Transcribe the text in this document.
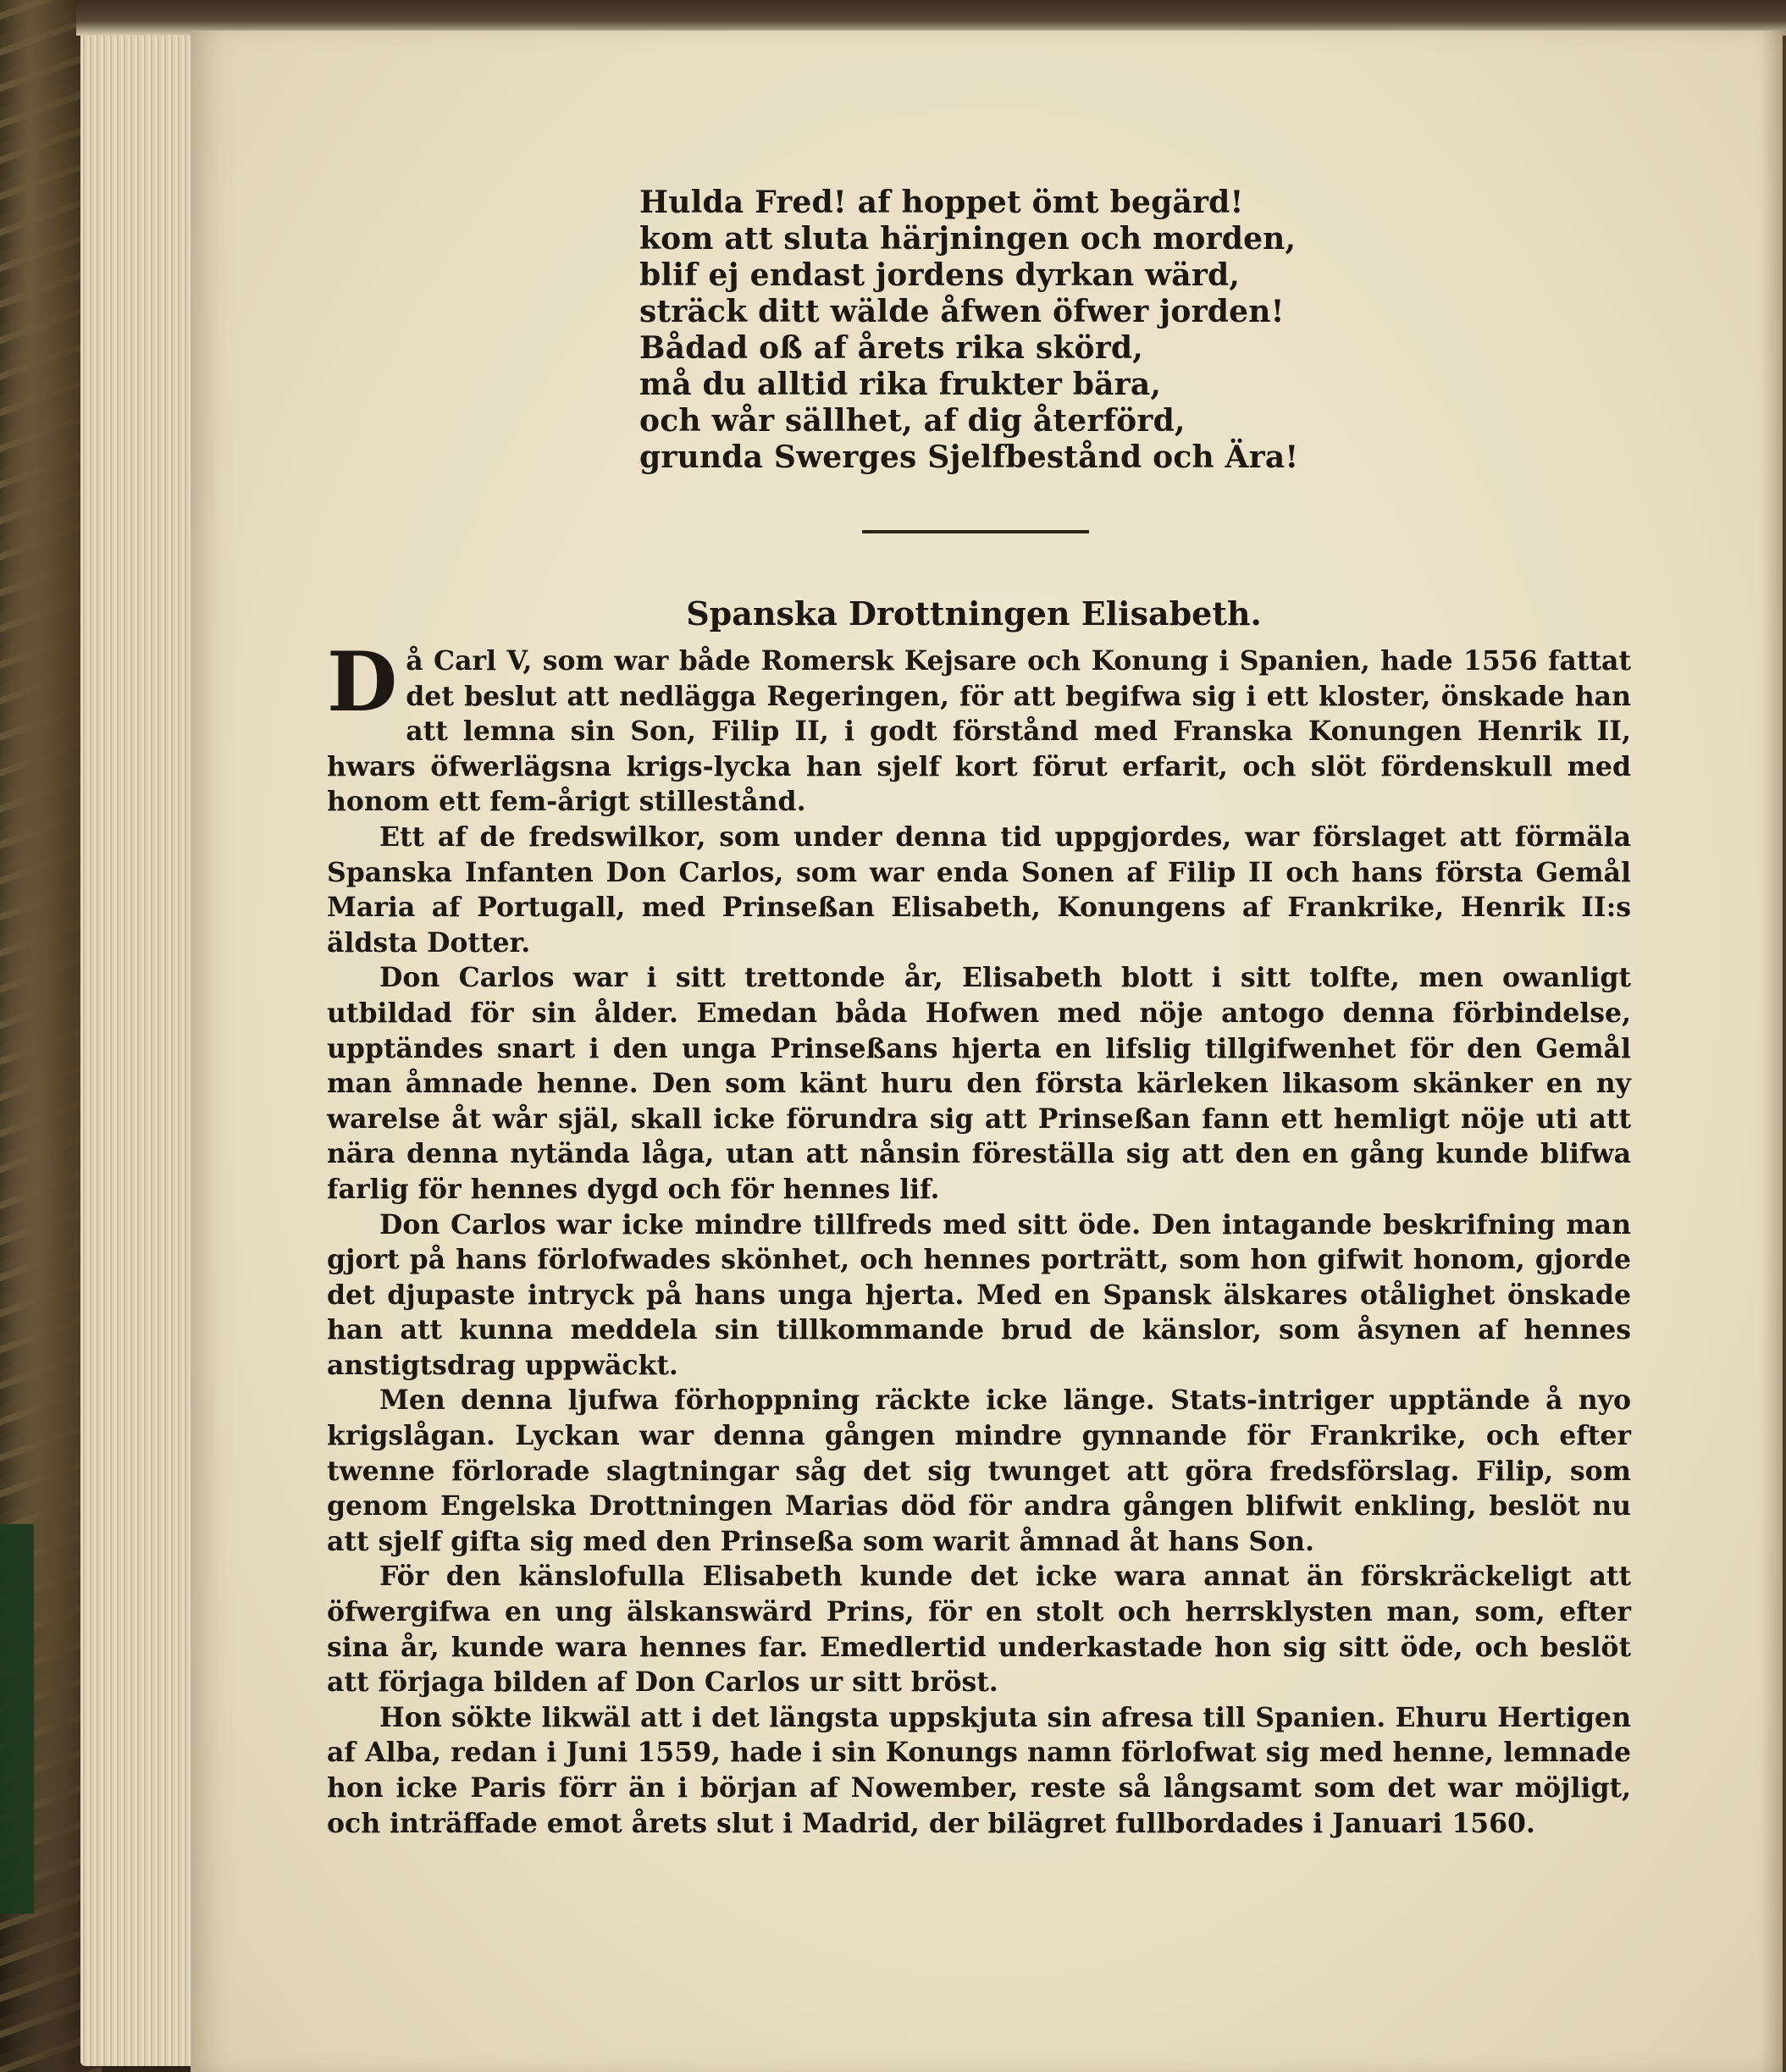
Hulda Fred! af hoppet ömt begärd!
kom att sluta härjningen och morden,
blif ej endast jordens dyrkan wärd,
sträck ditt wälde åfwen öfwer jorden!
Bådad oß af årets rika skörd,
må du alltid rika frukter bära,
och wår sällhet, af dig återförd,
grunda Swerges Sjelfbestånd och Ära!
Spanska Drottningen Elisabeth.

Då Carl V, som war både Romersk Kejsare och Konung i Spanien, hade 1556 fattat det beslut att nedlägga Regeringen, för att begifwa sig i ett kloster, önskade han att lemna sin Son, Filip II, i godt förstånd med Franska Konungen Henrik II, hwars öfwerlägsna krigs-lycka han sjelf kort förut erfarit, och slöt fördenskull med honom ett fem-årigt stillestånd.

Ett af de fredswilkor, som under denna tid uppgjordes, war förslaget att förmäla Spanska Infanten Don Carlos, som war enda Sonen af Filip II och hans första Gemål Maria af Portugall, med Prinseßan Elisabeth, Konungens af Frankrike, Henrik II:s äldsta Dotter.

Don Carlos war i sitt trettonde år, Elisabeth blott i sitt tolfte, men owanligt utbildad för sin ålder. Emedan båda Hofwen med nöje antogo denna förbindelse, upptändes snart i den unga Prinseßans hjerta en lifslig tillgifwenhet för den Gemål man åmnade henne. Den som känt huru den första kärleken likasom skänker en ny warelse åt wår själ, skall icke förundra sig att Prinseßan fann ett hemligt nöje uti att nära denna nytända låga, utan att nånsin föreställa sig att den en gång kunde blifwa farlig för hennes dygd och för hennes lif.

Don Carlos war icke mindre tillfreds med sitt öde. Den intagande beskrifning man gjort på hans förlofwades skönhet, och hennes porträtt, som hon gifwit honom, gjorde det djupaste intryck på hans unga hjerta. Med en Spansk älskares otålighet önskade han att kunna meddela sin tillkommande brud de känslor, som åsynen af hennes anstigtsdrag uppwäckt.

Men denna ljufwa förhoppning räckte icke länge. Stats-intriger upptände å nyo krigslågan. Lyckan war denna gången mindre gynnande för Frankrike, och efter twenne förlorade slagtningar såg det sig twunget att göra fredsförslag. Filip, som genom Engelska Drottningen Marias död för andra gången blifwit enkling, beslöt nu att sjelf gifta sig med den Prinseßa som warit åmnad åt hans Son.

För den känslofulla Elisabeth kunde det icke wara annat än förskräckeligt att öfwergifwa en ung älskanswärd Prins, för en stolt och herrsklysten man, som, efter sina år, kunde wara hennes far. Emedlertid underkastade hon sig sitt öde, och beslöt att förjaga bilden af Don Carlos ur sitt bröst.

Hon sökte likwäl att i det längsta uppskjuta sin afresa till Spanien. Ehuru Hertigen af Alba, redan i Juni 1559, hade i sin Konungs namn förlofwat sig med henne, lemnade hon icke Paris förr än i början af Nowember, reste så långsamt som det war möjligt, och inträffade emot årets slut i Madrid, der bilägret fullbordades i Januari 1560.
